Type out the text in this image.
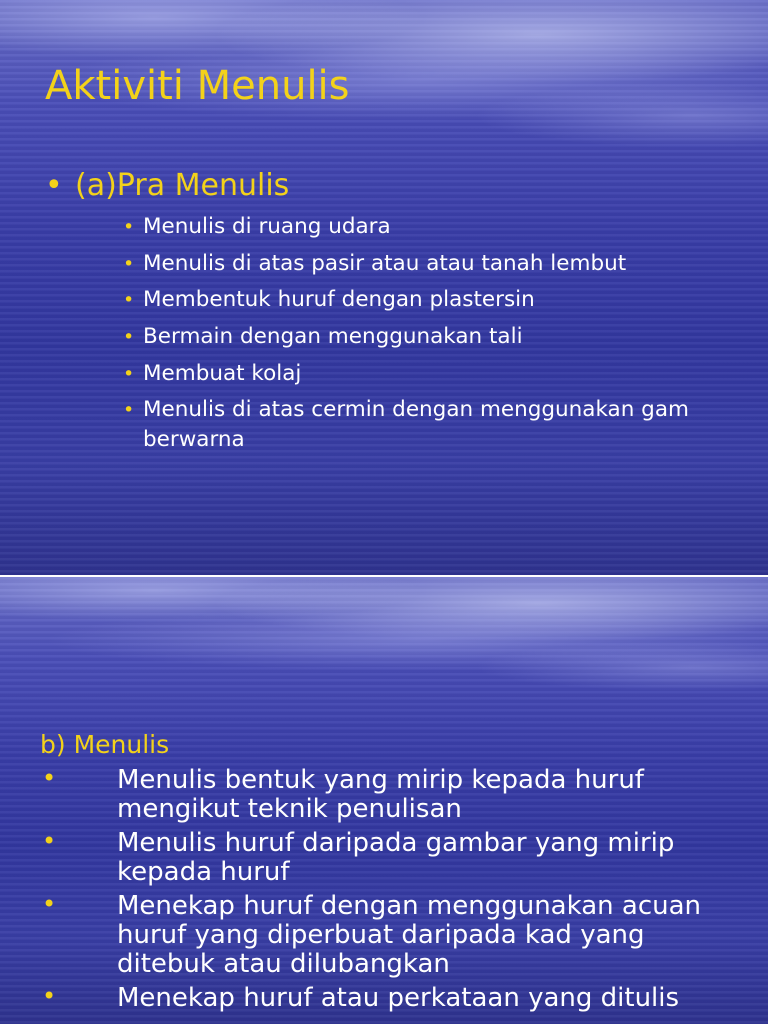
Aktiviti Menulis
• (a)Pra Menulis
• Menulis di ruang udara
• Menulis di atas pasir atau atau tanah lembut
• Membentuk huruf dengan plastersin
• Bermain dengan menggunakan tali
• Membuat kolaj
• Menulis di atas cermin dengan menggunakan gam berwarna
b) Menulis
• Menulis bentuk yang mirip kepada huruf mengikut teknik penulisan
• Menulis huruf daripada gambar yang mirip kepada huruf
• Menekap huruf dengan menggunakan acuan huruf yang diperbuat daripada kad yang ditebuk atau dilubangkan
• Menekap huruf atau perkataan yang ditulis
